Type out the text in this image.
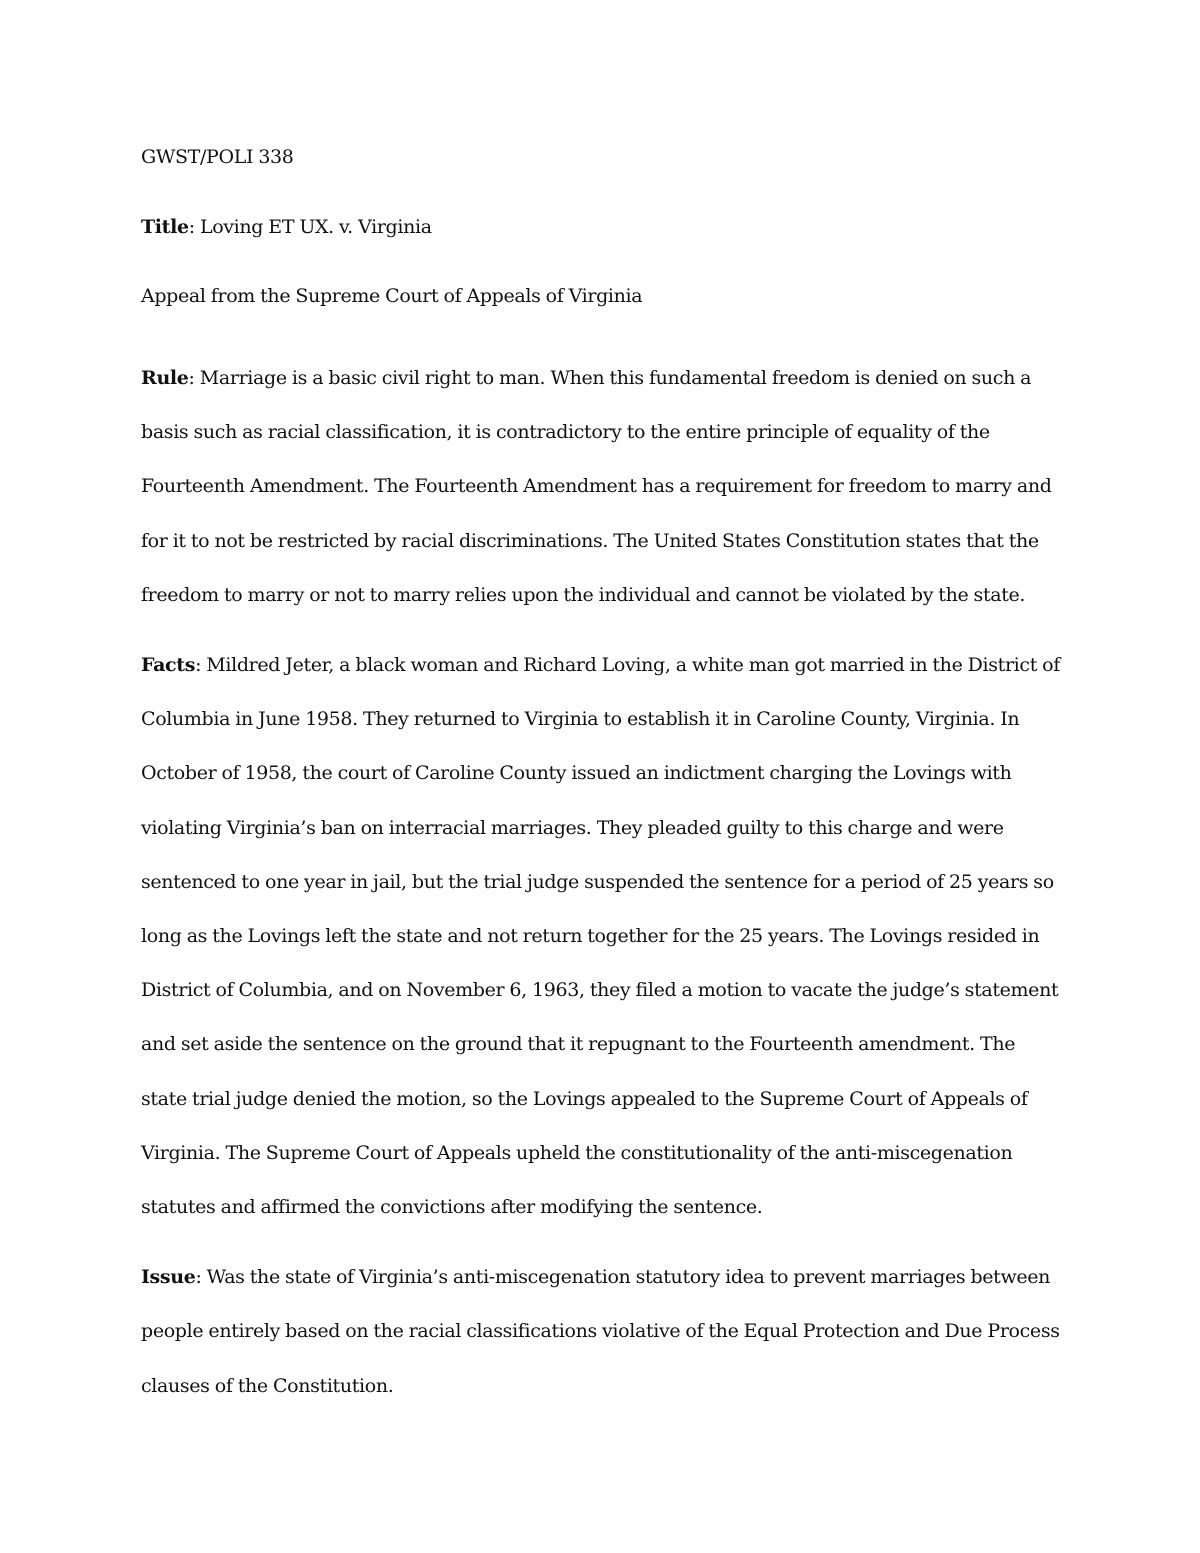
GWST/POLI 338

Title: Loving ET UX. v. Virginia

Appeal from the Supreme Court of Appeals of Virginia

Rule: Marriage is a basic civil right to man. When this fundamental freedom is denied on such a basis such as racial classification, it is contradictory to the entire principle of equality of the Fourteenth Amendment. The Fourteenth Amendment has a requirement for freedom to marry and for it to not be restricted by racial discriminations. The United States Constitution states that the freedom to marry or not to marry relies upon the individual and cannot be violated by the state.

Facts: Mildred Jeter, a black woman and Richard Loving, a white man got married in the District of Columbia in June 1958. They returned to Virginia to establish it in Caroline County, Virginia. In October of 1958, the court of Caroline County issued an indictment charging the Lovings with violating Virginia’s ban on interracial marriages. They pleaded guilty to this charge and were sentenced to one year in jail, but the trial judge suspended the sentence for a period of 25 years so long as the Lovings left the state and not return together for the 25 years. The Lovings resided in District of Columbia, and on November 6, 1963, they filed a motion to vacate the judge’s statement and set aside the sentence on the ground that it repugnant to the Fourteenth amendment. The state trial judge denied the motion, so the Lovings appealed to the Supreme Court of Appeals of Virginia. The Supreme Court of Appeals upheld the constitutionality of the anti-miscegenation statutes and affirmed the convictions after modifying the sentence.

Issue: Was the state of Virginia’s anti-miscegenation statutory idea to prevent marriages between people entirely based on the racial classifications violative of the Equal Protection and Due Process clauses of the Constitution.
